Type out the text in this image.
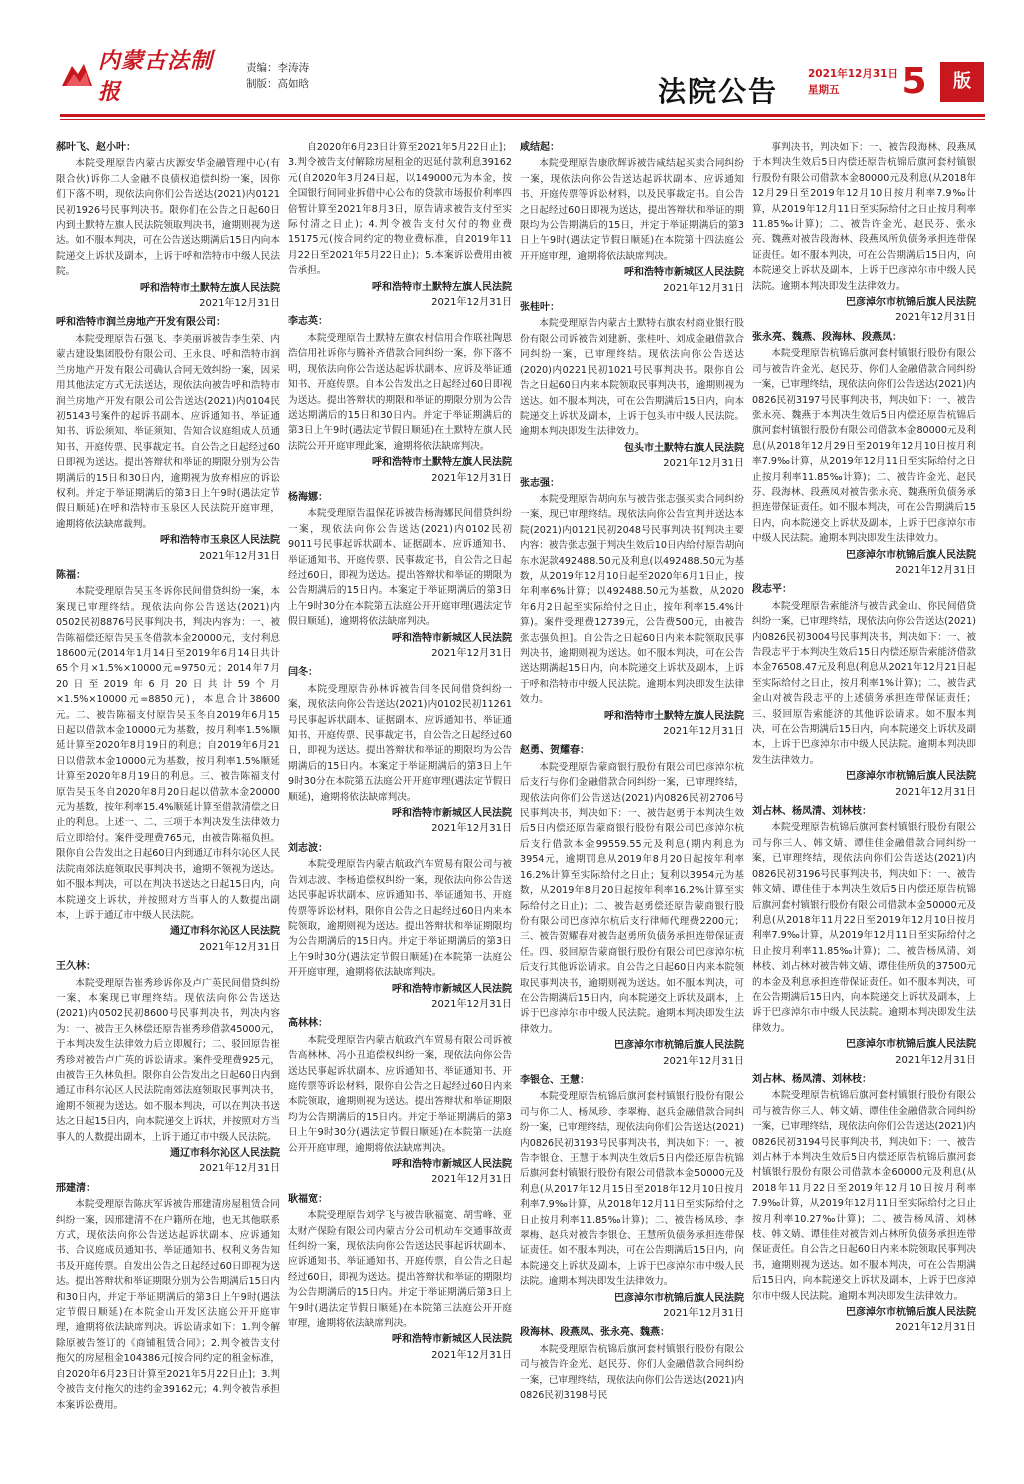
内蒙古法制报
责编：李涛涛
制版：高如晗	法院公告
2021年12月31日
星期五	5	版
郝叶飞、赵小叶：
本院受理原告内蒙古庆源安华金融管理中心(有限合伙)诉你二人金融不良债权追偿纠纷一案，因你们下落不明，现依法向你们公告送达(2021)内0121民初1926号民事判决书。限你们在公告之日起60日内到土默特左旗人民法院领取判决书，逾期则视为送达。如不服本判决，可在公告送达期满后15日内向本院递交上诉状及副本，上诉于呼和浩特市中级人民法院。
呼和浩特市土默特左旗人民法院
2021年12月31日
呼和浩特市润兰房地产开发有限公司：
本院受理原告石强飞、李美丽诉被告李生荣、内蒙古建设集团股份有限公司、王永良、呼和浩特市润兰房地产开发有限公司确认合同无效纠纷一案，因采用其他法定方式无法送达，现依法向被告呼和浩特市润兰房地产开发有限公司公告送达(2021)内0104民初5143号案件的起诉书副本、应诉通知书、举证通知书、诉讼须知、举证须知、告知合议庭组成人员通知书、开庭传票、民事裁定书。自公告之日起经过60日即视为送达。提出答辩状和举证的期限分别为公告期满后的15日和30日内，逾期视为放弃相应的诉讼权利。并定于举证期满后的第3日上午9时(遇法定节假日顺延)在呼和浩特市玉泉区人民法院开庭审理，逾期将依法缺席裁判。
呼和浩特市玉泉区人民法院
2021年12月31日
陈福：
本院受理原告吴玉冬诉你民间借贷纠纷一案，本案现已审理终结。现依法向你公告送达(2021)内0502民初8876号民事判决书，判决内容为：一、被告陈福偿还原告吴玉冬借款本金20000元，支付利息18600元(2014年1月14日至2019年6月14日共计65个月×1.5%×10000元=9750元；2014年7月20日至2019年6月20日共计59个月×1.5%×10000元=8850元)，本息合计38600元。二、被告陈福支付原告吴玉冬自2019年6月15日起以借款本金10000元为基数，按月利率1.5%顺延计算至2020年8月19日的利息；自2019年6月21日以借款本金10000元为基数，按月利率1.5%顺延计算至2020年8月19日的利息。三、被告陈福支付原告吴玉冬自2020年8月20日起以借款本金20000元为基数，按年利率15.4%顺延计算至借款清偿之日止的利息。上述一、二、三项于本判决发生法律效力后立即给付。案件受理费765元，由被告陈福负担。限你自公告发出之日起60日内到通辽市科尔沁区人民法院南郊法庭领取民事判决书，逾期不领视为送达。如不服本判决，可以在判决书送达之日起15日内，向本院递交上诉状，并按照对方当事人的人数提出副本，上诉于通辽市中级人民法院。
通辽市科尔沁区人民法院
2021年12月31日
王久林：
本院受理原告崔秀珍诉你及卢广英民间借贷纠纷一案，本案现已审理终结。现依法向你公告送达(2021)内0502民初8600号民事判决书，判决内容为：一、被告王久林偿还原告崔秀珍借款45000元，于本判决发生法律效力后立即履行；二、驳回原告崔秀珍对被告卢广英的诉讼请求。案件受理费925元，由被告王久林负担。限你自公告发出之日起60日内到通辽市科尔沁区人民法院南郊法庭领取民事判决书，逾期不领视为送达。如不服本判决，可以在判决书送达之日起15日内，向本院递交上诉状，并按照对方当事人的人数提出副本，上诉于通辽市中级人民法院。
通辽市科尔沁区人民法院
2021年12月31日
邢建清：
本院受理原告陈庆军诉被告邢建清房屋租赁合同纠纷一案，因邢建清不在户籍所在地，也无其他联系方式，现依法向你公告送达起诉状副本、应诉通知书、合议庭成员通知书、举证通知书、权利义务告知书及开庭传票。自发出公告之日起经过60日即视为送达。提出答辩状和举证期限分别为公告期满后15日内和30日内，并定于举证期满后的第3日上午9时(遇法定节假日顺延)在本院金山开发区法庭公开开庭审理，逾期将依法缺席判决。诉讼请求如下：1.判令解除原被告签订的《商铺租赁合同》；2.判令被告支付拖欠的房屋租金104386元[按合同约定的租金标准，自2020年6月23日计算至2021年5月22日止]；3.判令被告支付拖欠的违约金39162元；4.判令被告承担本案诉讼费用。
自2020年6月23日计算至2021年5月22日止]；3.判令被告支付解除房屋租金的迟延付款利息39162元(自2020年3月24日起，以149000元为本金，按全国银行间同业拆借中心公布的贷款市场报价利率四倍暂计算至2021年8月3日，原告请求被告支付至实际付清之日止)；4.判令被告支付欠付的物业费15175元(按合同约定的物业费标准，自2019年11月22日至2021年5月22日止)；5.本案诉讼费用由被告承担。
呼和浩特市土默特左旗人民法院
2021年12月31日
李志英：
本院受理原告土默特左旗农村信用合作联社陶思浩信用社诉你与腾补齐借款合同纠纷一案，你下落不明，现依法向你公告送达起诉状副本、应诉及举证通知书、开庭传票。自本公告发出之日起经过60日即视为送达。提出答辩状的期限和举证的期限分别为公告送达期满后的15日和30日内。并定于举证期满后的第3日上午9时(遇法定节假日顺延)在土默特左旗人民法院公开开庭审理此案，逾期将依法缺席判决。
呼和浩特市土默特左旗人民法院
2021年12月31日
杨海娜：
本院受理原告温保花诉被告杨海娜民间借贷纠纷一案，现依法向你公告送达(2021)内0102民初9011号民事起诉状副本、证据副本、应诉通知书、举证通知书、开庭传票、民事裁定书，自公告之日起经过60日，即视为送达。提出答辩状和举证的期限为公告期满后的15日内。本案定于举证期满后的第3日上午9时30分在本院第五法庭公开开庭审理(遇法定节假日顺延)，逾期将依法缺席判决。
呼和浩特市新城区人民法院
2021年12月31日
闫冬：
本院受理原告孙林诉被告闫冬民间借贷纠纷一案，现依法向你公告送达(2021)内0102民初11261号民事起诉状副本、证据副本、应诉通知书、举证通知书、开庭传票、民事裁定书，自公告之日起经过60日，即视为送达。提出答辩状和举证的期限均为公告期满后的15日内。本案定于举证期满后的第3日上午9时30分在本院第五法庭公开开庭审理(遇法定节假日顺延)，逾期将依法缺席判决。
呼和浩特市新城区人民法院
2021年12月31日
刘志波：
本院受理原告内蒙古航政汽车贸易有限公司与被告刘志波、李杨追偿权纠纷一案，现依法向你公告送达民事起诉状副本、应诉通知书、举证通知书、开庭传票等诉讼材料，限你自公告之日起经过60日内来本院领取，逾期则视为送达。提出答辩状和举证期限均为公告期满后的15日内。并定于举证期满后的第3日上午9时30分(遇法定节假日顺延)在本院第一法庭公开开庭审理，逾期将依法缺席判决。
呼和浩特市新城区人民法院
2021年12月31日
高林林：
本院受理原告内蒙古航政汽车贸易有限公司诉被告高林林、冯小丑追偿权纠纷一案，现依法向你公告送达民事起诉状副本、应诉通知书、举证通知书、开庭传票等诉讼材料，限你自公告之日起经过60日内来本院领取，逾期则视为送达。提出答辩状和举证期限均为公告期满后的15日内。并定于举证期满后的第3日上午9时30分(遇法定节假日顺延)在本院第一法庭公开开庭审理，逾期将依法缺席判决。
呼和浩特市新城区人民法院
2021年12月31日
耿福宽：
本院受理原告刘学飞与被告耿福宽、胡雪峰、亚太财产保险有限公司内蒙古分公司机动车交通事故责任纠纷一案，现依法向你公告送达民事起诉状副本、应诉通知书、举证通知书、开庭传票，自公告之日起经过60日，即视为送达。提出答辩状和举证的期限均为公告期满后的15日内。并定于举证期满后第3日上午9时(遇法定节假日顺延)在本院第三法庭公开开庭审理，逾期将依法缺席判决。
呼和浩特市新城区人民法院
2021年12月31日
咸结起：
本院受理原告康欣辉诉被告咸结起买卖合同纠纷一案，现依法向你公告送达起诉状副本、应诉通知书、开庭传票等诉讼材料，以及民事裁定书。自公告之日起经过60日即视为送达，提出答辩状和举证的期限均为公告期满后的15日，并定于举证期满后的第3日上午9时(遇法定节假日顺延)在本院第十四法庭公开开庭审理，逾期将依法缺席判决。
呼和浩特市新城区人民法院
2021年12月31日
张桂叶：
本院受理原告内蒙古土默特右旗农村商业银行股份有限公司诉被告刘建新、张桂叶、刘成金融借款合同纠纷一案，已审理终结。现依法向你公告送达(2020)内0221民初1021号民事判决书。限你自公告之日起60日内来本院领取民事判决书，逾期则视为送达。如不服本判决，可在公告期满后15日内，向本院递交上诉状及副本，上诉于包头市中级人民法院。逾期本判决即发生法律效力。
包头市土默特右旗人民法院
2021年12月31日
张志强：
本院受理原告胡向东与被告张志强买卖合同纠纷一案，现已审理终结。现依法向你公告宣判并送达本院(2021)内0121民初2048号民事判决书[判决主要内容：被告张志强于判决生效后10日内给付原告胡向东水泥款492488.50元及利息(以492488.50元为基数，从2019年12月10日起至2020年6月1日止，按年利率6%计算；以492488.50元为基数，从2020年6月2日起至实际给付之日止，按年利率15.4%计算)。案件受理费12739元，公告费500元，由被告张志强负担]。自公告之日起60日内来本院领取民事判决书，逾期则视为送达。如不服本判决，可在公告送达期满起15日内，向本院递交上诉状及副本，上诉于呼和浩特市中级人民法院。逾期本判决即发生法律效力。
呼和浩特市土默特左旗人民法院
2021年12月31日
赵勇、贺耀春：
本院受理原告蒙商银行股份有限公司巴彦淖尔杭后支行与你们金融借款合同纠纷一案，已审理终结，现依法向你们公告送达(2021)内0826民初2706号民事判决书，判决如下：一、被告赵勇于本判决生效后5日内偿还原告蒙商银行股份有限公司巴彦淖尔杭后支行借款本金99559.55元及利息(期内利息为3954元，逾期罚息从2019年8月20日起按年利率16.2%计算至实际给付之日止；复利以3954元为基数，从2019年8月20日起按年利率16.2%计算至实际给付之日止)；二、被告赵勇偿还原告蒙商银行股份有限公司巴彦淖尔杭后支行律师代理费2200元；三、被告贺耀春对被告赵勇所负债务承担连带保证责任。四、驳回原告蒙商银行股份有限公司巴彦淖尔杭后支行其他诉讼请求。自公告之日起60日内来本院领取民事判决书，逾期则视为送达。如不服本判决，可在公告期满后15日内，向本院递交上诉状及副本，上诉于巴彦淖尔市中级人民法院。逾期本判决即发生法律效力。
巴彦淖尔市杭锦后旗人民法院
2021年12月31日
李银仓、王慧：
本院受理原告杭锦后旗河套村镇银行股份有限公司与你二人、杨凤珍、李翠梅、赵兵金融借款合同纠纷一案，已审理终结，现依法向你们公告送达(2021)内0826民初3193号民事判决书，判决如下：一、被告李银仓、王慧于本判决生效后5日内偿还原告杭锦后旗河套村镇银行股份有限公司借款本金50000元及利息(从2017年12月15日至2018年12月10日按月利率7.9‰计算，从2018年12月11日至实际给付之日止按月利率11.85‰计算)；二、被告杨凤珍、李翠梅、赵兵对被告李银仓、王慧所负债务承担连带保证责任。如不服本判决，可在公告期满后15日内，向本院递交上诉状及副本，上诉于巴彦淖尔市中级人民法院。逾期本判决即发生法律效力。
巴彦淖尔市杭锦后旗人民法院
2021年12月31日
段海林、段燕凤、张永亮、魏燕：
本院受理原告杭锦后旗河套村镇银行股份有限公司与被告许金光、赵民芬、你们人金融借款合同纠纷一案，已审理终结，现依法向你们公告送达(2021)内0826民初3198号民
事判决书，判决如下：一、被告段海林、段燕凤于本判决生效后5日内偿还原告杭锦后旗河套村镇银行股份有限公司借款本金80000元及利息(从2018年12月29日至2019年12月10日按月利率7.9‰计算，从2019年12月11日至实际给付之日止按月利率11.85‰计算)；二、被告许金光、赵民芬、张永亮、魏燕对被告段海林、段燕凤所负债务承担连带保证责任。如不服本判决，可在公告期满后15日内，向本院递交上诉状及副本，上诉于巴彦淖尔市中级人民法院。逾期本判决即发生法律效力。
巴彦淖尔市杭锦后旗人民法院
2021年12月31日
张永亮、魏燕、段海林、段燕凤：
本院受理原告杭锦后旗河套村镇银行股份有限公司与被告许金光、赵民芬、你们人金融借款合同纠纷一案，已审理终结，现依法向你们公告送达(2021)内0826民初3197号民事判决书，判决如下：一、被告张永亮、魏燕于本判决生效后5日内偿还原告杭锦后旗河套村镇银行股份有限公司借款本金80000元及利息(从2018年12月29日至2019年12月10日按月利率7.9‰计算，从2019年12月11日至实际给付之日止按月利率11.85‰计算)；二、被告许金光、赵民芬、段海林、段燕凤对被告张永亮、魏燕所负债务承担连带保证责任。如不服本判决，可在公告期满后15日内，向本院递交上诉状及副本，上诉于巴彦淖尔市中级人民法院。逾期本判决即发生法律效力。
巴彦淖尔市杭锦后旗人民法院
2021年12月31日
段志平：
本院受理原告索能济与被告武金山、你民间借贷纠纷一案，已审理终结，现依法向你公告送达(2021)内0826民初3004号民事判决书，判决如下：一、被告段志平于本判决生效后15日内偿还原告索能济借款本金76508.47元及利息(利息从2021年12月21日起至实际给付之日止，按月利率1%计算)；二、被告武金山对被告段志平的上述债务承担连带保证责任；三、驳回原告索能济的其他诉讼请求。如不服本判决，可在公告期满后15日内，向本院递交上诉状及副本，上诉于巴彦淖尔市中级人民法院。逾期本判决即发生法律效力。
巴彦淖尔市杭锦后旗人民法院
2021年12月31日
刘占林、杨凤清、刘林枝：
本院受理原告杭锦后旗河套村镇银行股份有限公司与你三人、韩文婧、谭佳佳金融借款合同纠纷一案，已审理终结，现依法向你们公告送达(2021)内0826民初3196号民事判决书，判决如下：一、被告韩文婧、谭佳佳于本判决生效后5日内偿还原告杭锦后旗河套村镇银行股份有限公司借款本金50000元及利息(从2018年11月22日至2019年12月10日按月利率7.9‰计算，从2019年12月11日至实际给付之日止按月利率11.85‰计算)；二、被告杨凤清、刘林枝、刘占林对被告韩文婧、谭佳佳所负的37500元的本金及利息承担连带保证责任。如不服本判决，可在公告期满后15日内，向本院递交上诉状及副本，上诉于巴彦淖尔市中级人民法院。逾期本判决即发生法律效力。
巴彦淖尔市杭锦后旗人民法院
2021年12月31日
刘占林、杨凤清、刘林枝：
本院受理原告杭锦后旗河套村镇银行股份有限公司与被告你三人、韩文婧、谭佳佳金融借款合同纠纷一案，已审理终结，现依法向你们公告送达(2021)内0826民初3194号民事判决书，判决如下：一、被告刘占林于本判决生效后5日内偿还原告杭锦后旗河套村镇银行股份有限公司借款本金60000元及利息(从2018年11月22日至2019年12月10日按月利率7.9‰计算，从2019年12月11日至实际给付之日止按月利率10.27‰计算)；二、被告杨凤清、刘林枝、韩文婧、谭佳佳对被告刘占林所负债务承担连带保证责任。自公告之日起60日内来本院领取民事判决书，逾期则视为送达。如不服本判决，可在公告期满后15日内，向本院递交上诉状及副本，上诉于巴彦淖尔市中级人民法院。逾期本判决即发生法律效力。
巴彦淖尔市杭锦后旗人民法院
2021年12月31日
